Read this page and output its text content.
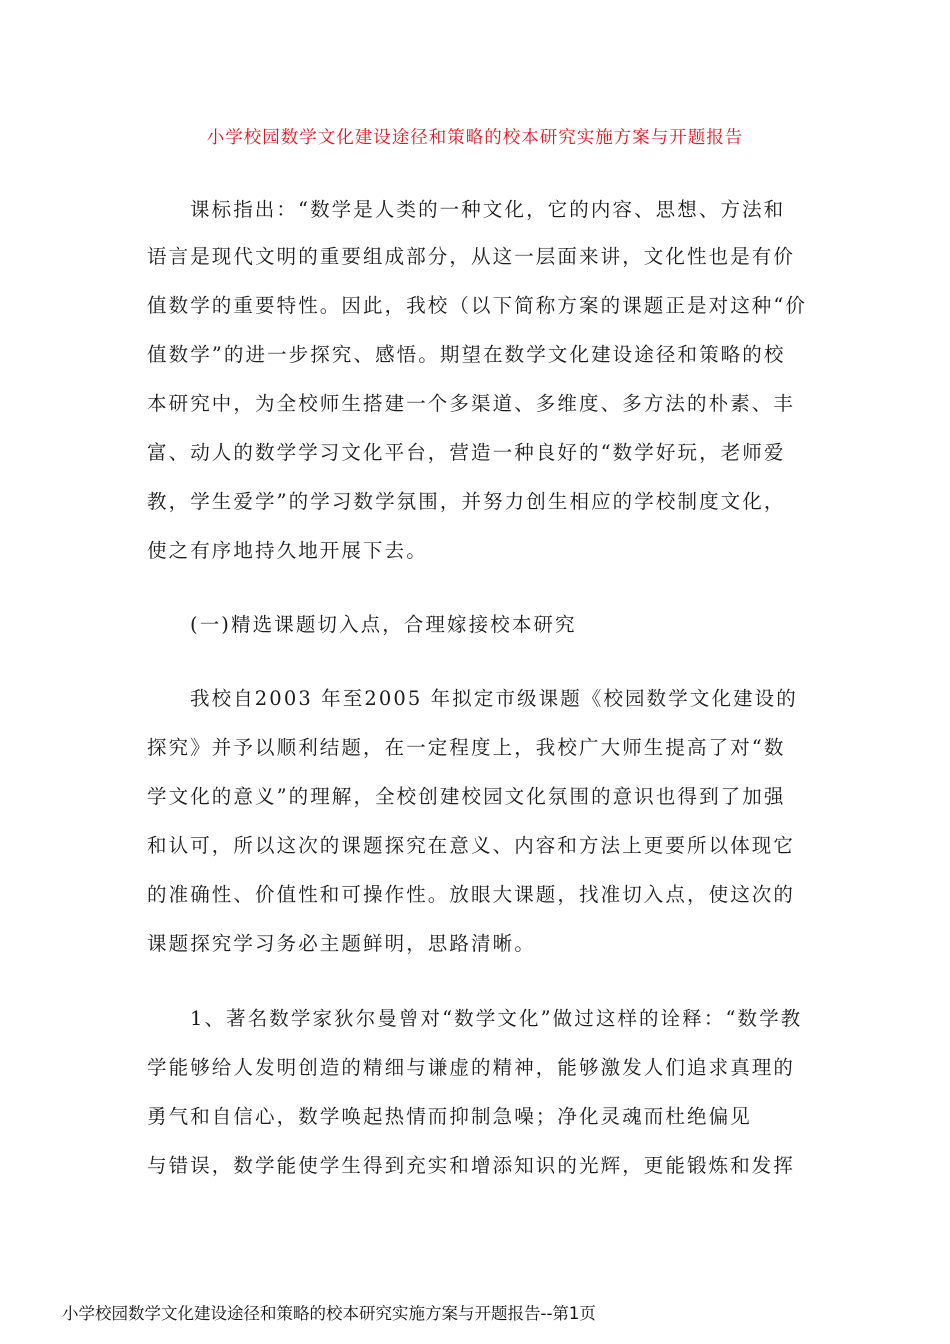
小学校园数学文化建设途径和策略的校本研究实施方案与开题报告
课标指出：“数学是人类的一种文化，它的内容、思想、方法和
语言是现代文明的重要组成部分，从这一层面来讲，文化性也是有价
值数学的重要特性。因此，我校（以下简称方案的课题正是对这种“价
值数学”的进一步探究、感悟。期望在数学文化建设途径和策略的校
本研究中，为全校师生搭建一个多渠道、多维度、多方法的朴素、丰
富、动人的数学学习文化平台，营造一种良好的“数学好玩，老师爱
教，学生爱学”的学习数学氛围，并努力创生相应的学校制度文化，
使之有序地持久地开展下去。
(一)精选课题切入点，合理嫁接校本研究
我校自2003 年至2005 年拟定市级课题《校园数学文化建设的
探究》并予以顺利结题，在一定程度上，我校广大师生提高了对“数
学文化的意义”的理解，全校创建校园文化氛围的意识也得到了加强
和认可，所以这次的课题探究在意义、内容和方法上更要所以体现它
的准确性、价值性和可操作性。放眼大课题，找准切入点，使这次的
课题探究学习务必主题鲜明，思路清晰。
1、著名数学家狄尔曼曾对“数学文化”做过这样的诠释：“数学教
学能够给人发明创造的精细与谦虚的精神，能够激发人们追求真理的
勇气和自信心，数学唤起热情而抑制急噪；净化灵魂而杜绝偏见
与错误，数学能使学生得到充实和增添知识的光辉，更能锻炼和发挥
小学校园数学文化建设途径和策略的校本研究实施方案与开题报告--第1页
